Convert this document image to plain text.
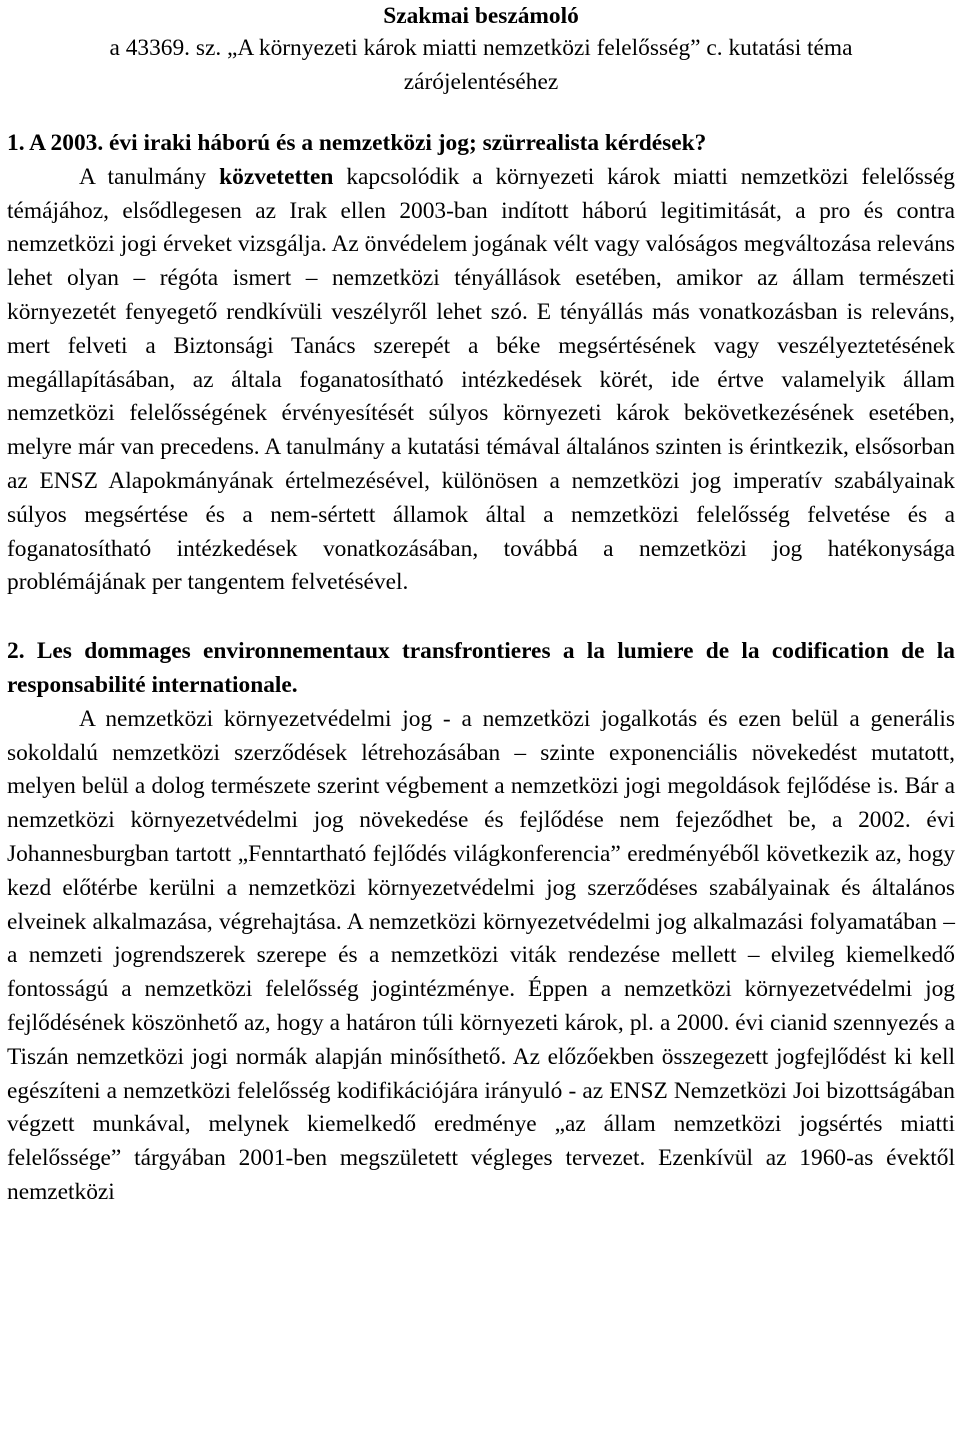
Szakmai beszámoló

a 43369. sz. „A környezeti károk miatti nemzetközi felelősség” c. kutatási téma
zárójelentéséhez

1. A 2003. évi iraki háború és a nemzetközi jog; szürrealista kérdések?

A tanulmány közvetetten kapcsolódik a környezeti károk miatti nemzetközi felelősség témájához, elsődlegesen az Irak ellen 2003-ban indított háború legitimitását, a pro és contra nemzetközi jogi érveket vizsgálja. Az önvédelem jogának vélt vagy valóságos megváltozása releváns lehet olyan – régóta ismert – nemzetközi tényállások esetében, amikor az állam természeti környezetét fenyegető rendkívüli veszélyről lehet szó. E tényállás más vonatkozásban is releváns, mert felveti a Biztonsági Tanács szerepét a béke megsértésének vagy veszélyeztetésének megállapításában, az általa foganatosítható intézkedések körét, ide értve valamelyik állam nemzetközi felelősségének érvényesítését súlyos környezeti károk bekövetkezésének esetében, melyre már van precedens. A tanulmány a kutatási témával általános szinten is érintkezik, elsősorban az ENSZ Alapokmányának értelmezésével, különösen a nemzetközi jog imperatív szabályainak súlyos megsértése és a nem-sértett államok által a nemzetközi felelősség felvetése és a foganatosítható intézkedések vonatkozásában, továbbá a nemzetközi jog hatékonysága problémájának per tangentem felvetésével.

2. Les dommages environnementaux transfrontieres a la lumiere de la codification de la responsabilité internationale.

A nemzetközi környezetvédelmi jog - a nemzetközi jogalkotás és ezen belül a generális sokoldalú nemzetközi szerződések létrehozásában – szinte exponenciális növekedést mutatott, melyen belül a dolog természete szerint végbement a nemzetközi jogi megoldások fejlődése is. Bár a nemzetközi környezetvédelmi jog növekedése és fejlődése nem fejeződhet be, a 2002. évi Johannesburgban tartott „Fenntartható fejlődés világkonferencia” eredményéből következik az, hogy kezd előtérbe kerülni a nemzetközi környezetvédelmi jog szerződéses szabályainak és általános elveinek alkalmazása, végrehajtása. A nemzetközi környezetvédelmi jog alkalmazási folyamatában – a nemzeti jogrendszerek szerepe és a nemzetközi viták rendezése mellett – elvileg kiemelkedő fontosságú a nemzetközi felelősség jogintézménye. Éppen a nemzetközi környezetvédelmi jog fejlődésének köszönhető az, hogy a határon túli környezeti károk, pl. a 2000. évi cianid szennyezés a Tiszán nemzetközi jogi normák alapján minősíthető. Az előzőekben összegezett jogfejlődést ki kell egészíteni a nemzetközi felelősség kodifikációjára irányuló - az ENSZ Nemzetközi Joi bizottságában végzett munkával, melynek kiemelkedő eredménye „az állam nemzetközi jogsértés miatti felelőssége” tárgyában 2001-ben megszületett végleges tervezet. Ezenkívül az 1960-as évektől nemzetközi
